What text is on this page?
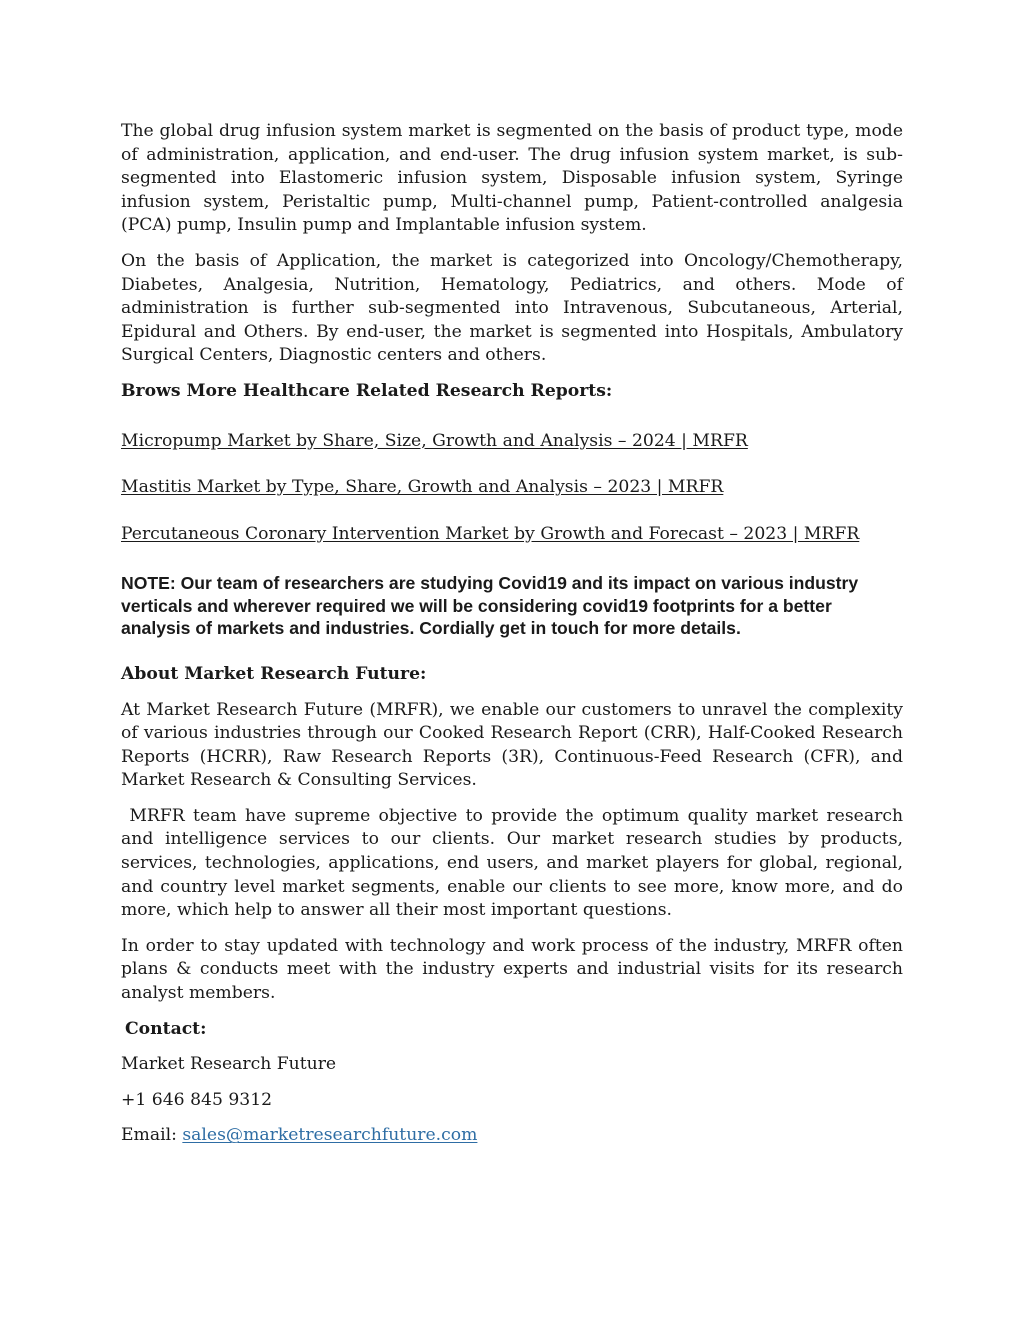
The global drug infusion system market is segmented on the basis of product type, mode of administration, application, and end-user. The drug infusion system market, is sub-segmented into Elastomeric infusion system, Disposable infusion system, Syringe infusion system, Peristaltic pump, Multi-channel pump, Patient-controlled analgesia (PCA) pump, Insulin pump and Implantable infusion system.

On the basis of Application, the market is categorized into Oncology/Chemotherapy, Diabetes, Analgesia, Nutrition, Hematology, Pediatrics, and others. Mode of administration is further sub-segmented into Intravenous, Subcutaneous, Arterial, Epidural and Others. By end-user, the market is segmented into Hospitals, Ambulatory Surgical Centers, Diagnostic centers and others.

Brows More Healthcare Related Research Reports:

Micropump Market by Share, Size, Growth and Analysis – 2024 | MRFR
Mastitis Market by Type, Share, Growth and Analysis – 2023 | MRFR
Percutaneous Coronary Intervention Market by Growth and Forecast – 2023 | MRFR

NOTE: Our team of researchers are studying Covid19 and its impact on various industry verticals and wherever required we will be considering covid19 footprints for a better analysis of markets and industries. Cordially get in touch for more details.

About Market Research Future:

At Market Research Future (MRFR), we enable our customers to unravel the complexity of various industries through our Cooked Research Report (CRR), Half-Cooked Research Reports (HCRR), Raw Research Reports (3R), Continuous-Feed Research (CFR), and Market Research & Consulting Services.

MRFR team have supreme objective to provide the optimum quality market research and intelligence services to our clients. Our market research studies by products, services, technologies, applications, end users, and market players for global, regional, and country level market segments, enable our clients to see more, know more, and do more, which help to answer all their most important questions.

In order to stay updated with technology and work process of the industry, MRFR often plans & conducts meet with the industry experts and industrial visits for its research analyst members.

Contact:

Market Research Future

+1 646 845 9312

Email: sales@marketresearchfuture.com
